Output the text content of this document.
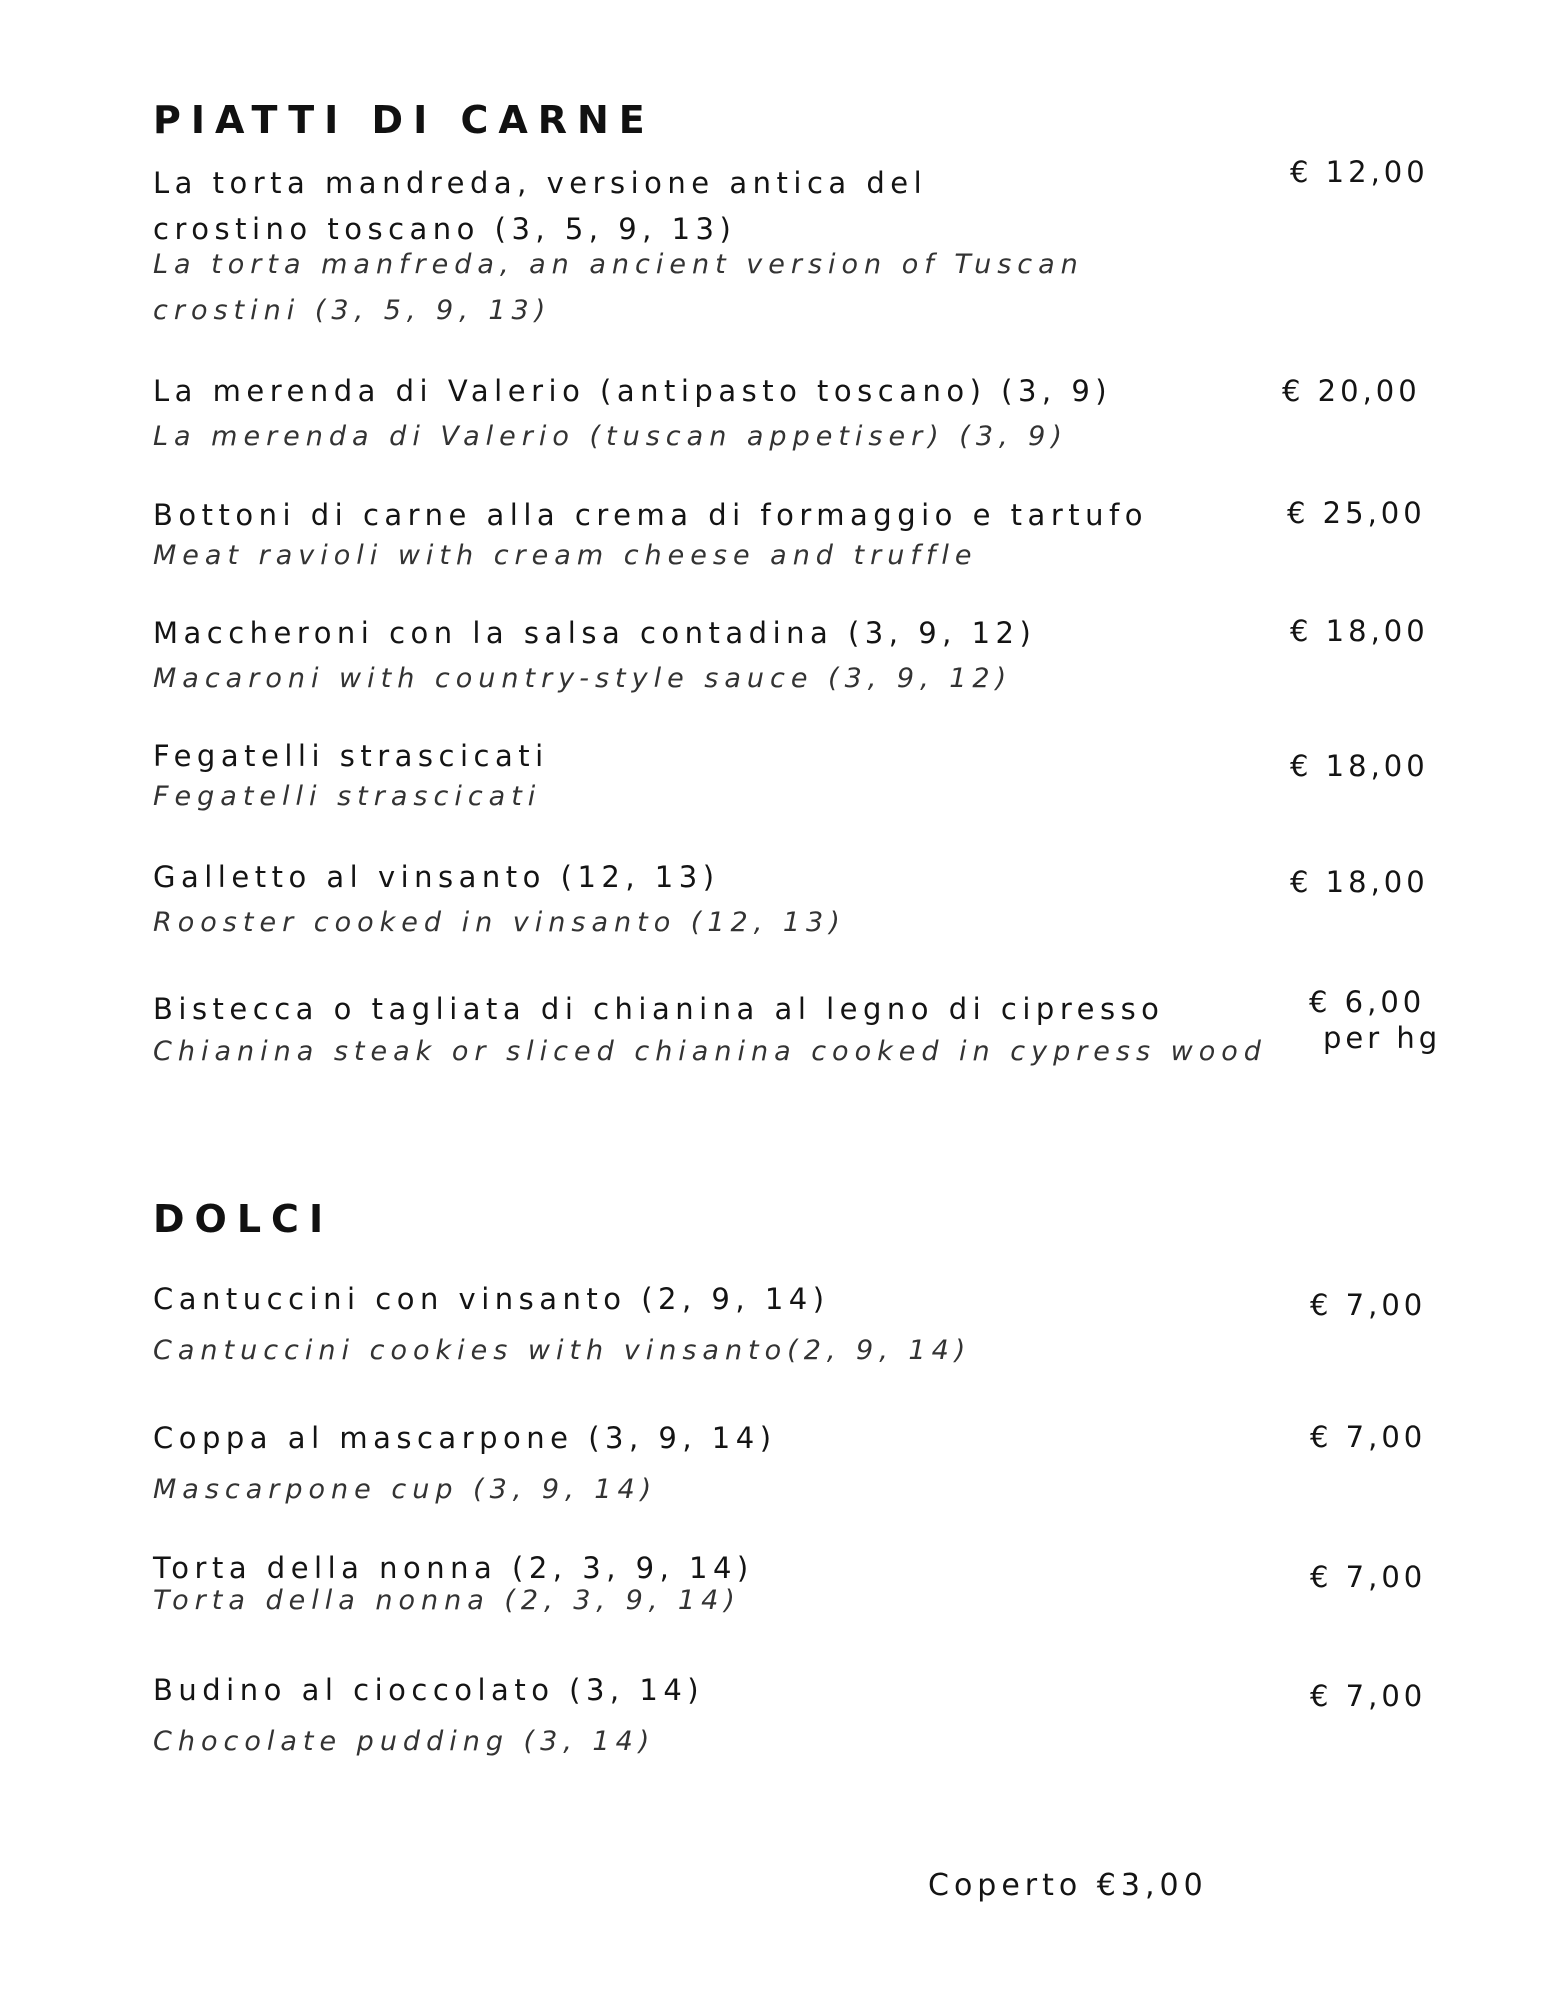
PIATTI DI CARNE
La torta mandreda, versione antica del crostino toscano (3, 5, 9, 13)
La torta manfreda, an ancient version of Tuscan crostini (3, 5, 9, 13)
€ 12,00
La merenda di Valerio (antipasto toscano) (3, 9)
La merenda di Valerio (tuscan appetiser) (3, 9)
€ 20,00
Bottoni di carne alla crema di formaggio e tartufo
Meat ravioli with cream cheese and truffle
€ 25,00
Maccheroni con la salsa contadina (3, 9, 12)
Macaroni with country-style sauce (3, 9, 12)
€ 18,00
Fegatelli strascicati
Fegatelli strascicati
€ 18,00
Galletto al vinsanto (12, 13)
Rooster cooked in vinsanto (12, 13)
€ 18,00
Bistecca o tagliata di chianina al legno di cipresso
Chianina steak or sliced chianina cooked in cypress wood
€ 6,00
per hg
DOLCI
Cantuccini con vinsanto (2, 9, 14)
Cantuccini cookies with vinsanto(2, 9, 14)
€ 7,00
Coppa al mascarpone (3, 9, 14)
Mascarpone cup (3, 9, 14)
€ 7,00
Torta della nonna (2, 3, 9, 14)
Torta della nonna (2, 3, 9, 14)
€ 7,00
Budino al cioccolato (3, 14)
Chocolate pudding (3, 14)
€ 7,00
Coperto €3,00
